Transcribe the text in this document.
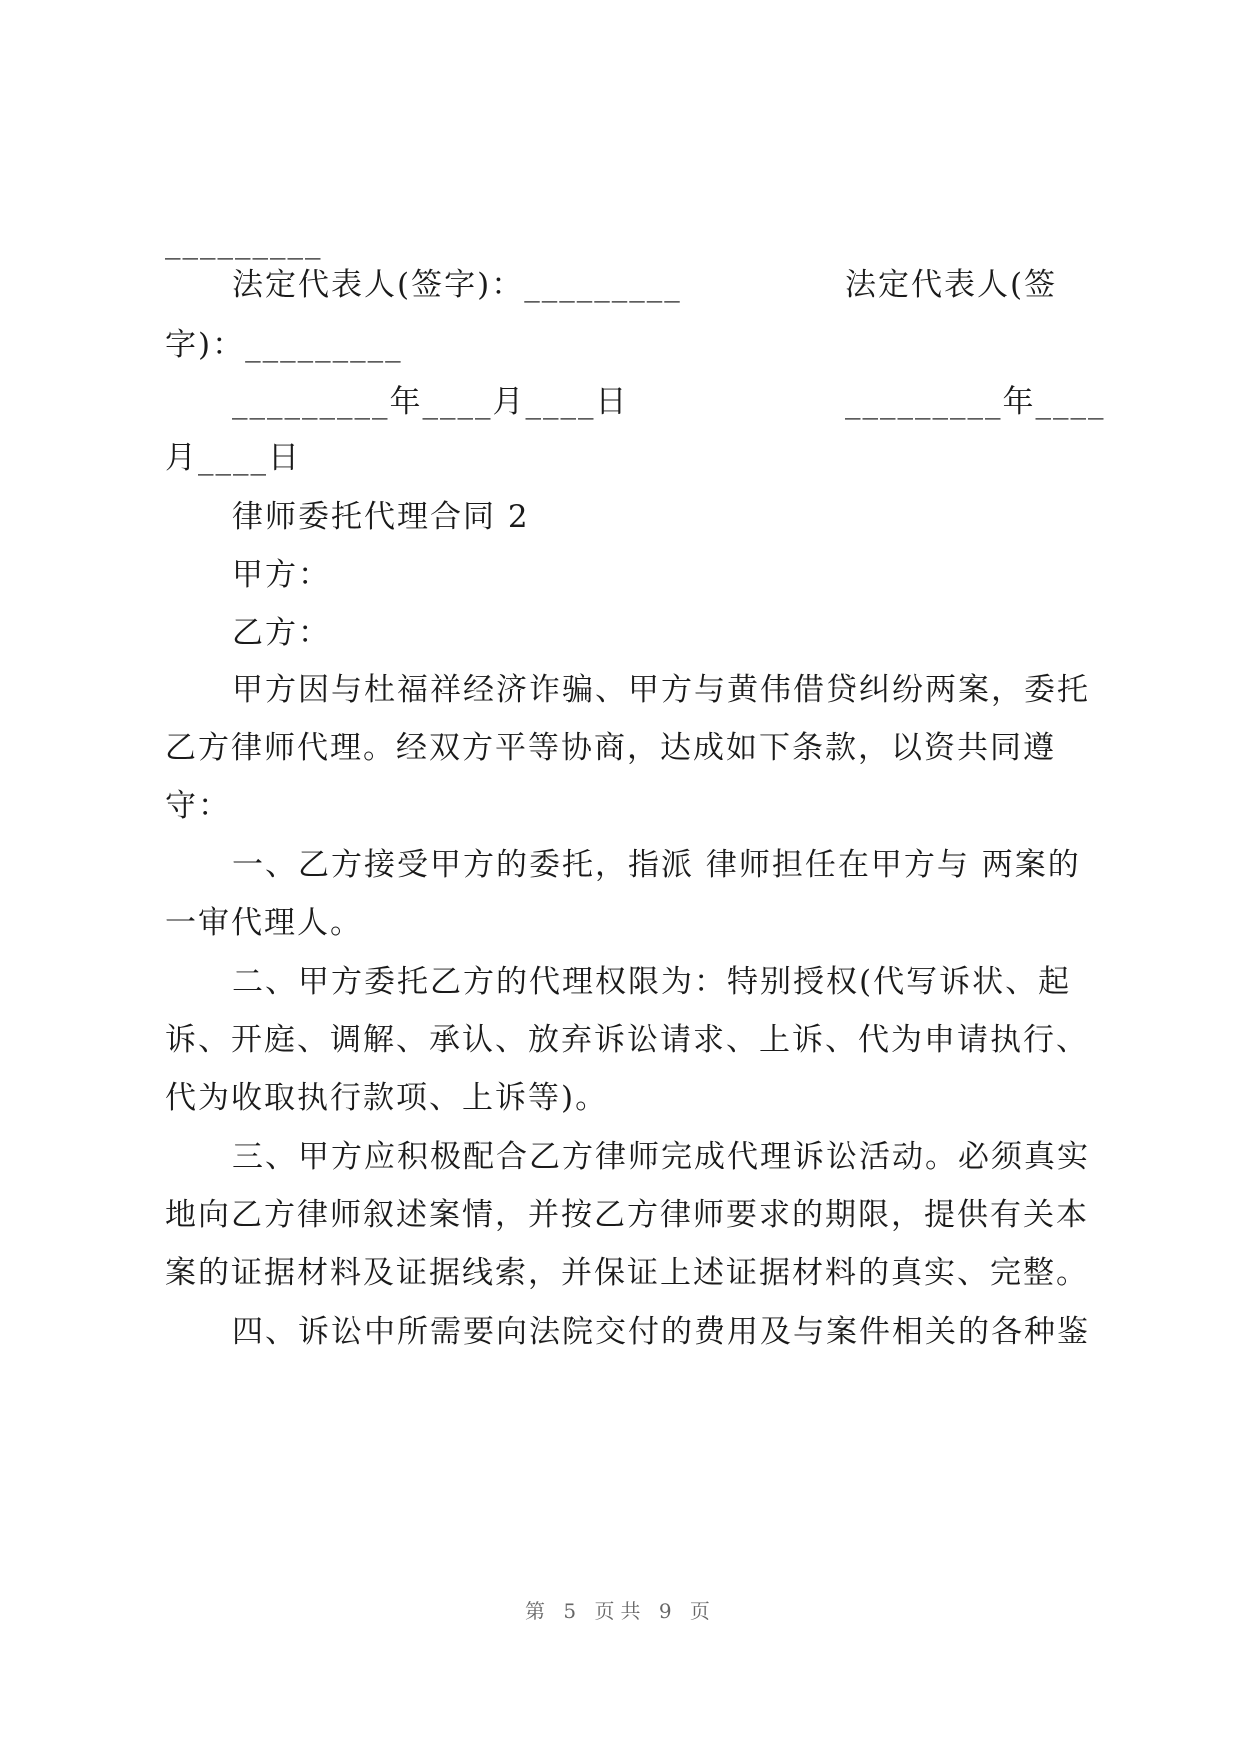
_________
法定代表人(签字)：_________	法定代表人(签
字)：_________
_________年____月____日	_________年____
月____日
律师委托代理合同 2
甲方：
乙方：
甲方因与杜福祥经济诈骗、甲方与黄伟借贷纠纷两案，委托
乙方律师代理。经双方平等协商，达成如下条款，以资共同遵
守：
一、乙方接受甲方的委托，指派 律师担任在甲方与 两案的
一审代理人。
二、甲方委托乙方的代理权限为：特别授权(代写诉状、起
诉、开庭、调解、承认、放弃诉讼请求、上诉、代为申请执行、
代为收取执行款项、上诉等)。
三、甲方应积极配合乙方律师完成代理诉讼活动。必须真实
地向乙方律师叙述案情，并按乙方律师要求的期限，提供有关本
案的证据材料及证据线索，并保证上述证据材料的真实、完整。
四、诉讼中所需要向法院交付的费用及与案件相关的各种鉴
第 5 页共 9 页
